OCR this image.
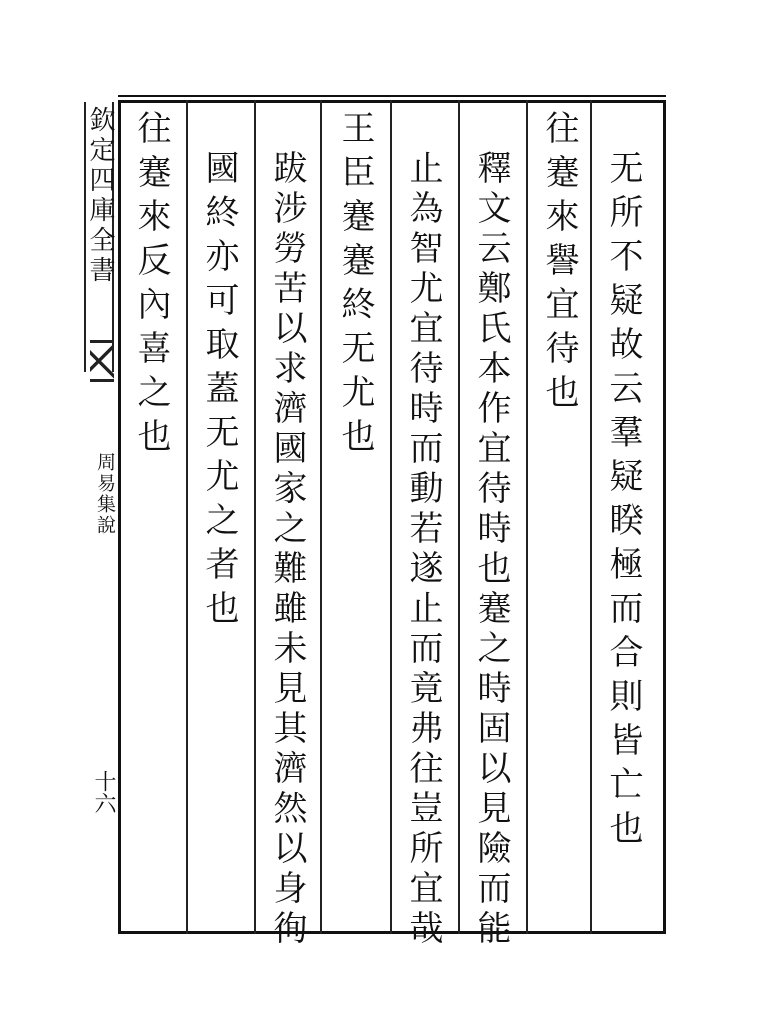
无所不疑故云羣疑睽極而合則皆亡也
往蹇來譽宜待也
釋文云鄭氏本作宜待時也蹇之時固以見險而能
止為智尤宜待時而動若遂止而竟弗往豈所宜哉
王臣蹇蹇終无尤也
跋涉勞苦以求濟國家之難雖未見其濟然以身徇
國終亦可取蓋无尤之者也
往蹇來反內喜之也
欽定四庫全書
周易集說
十六
